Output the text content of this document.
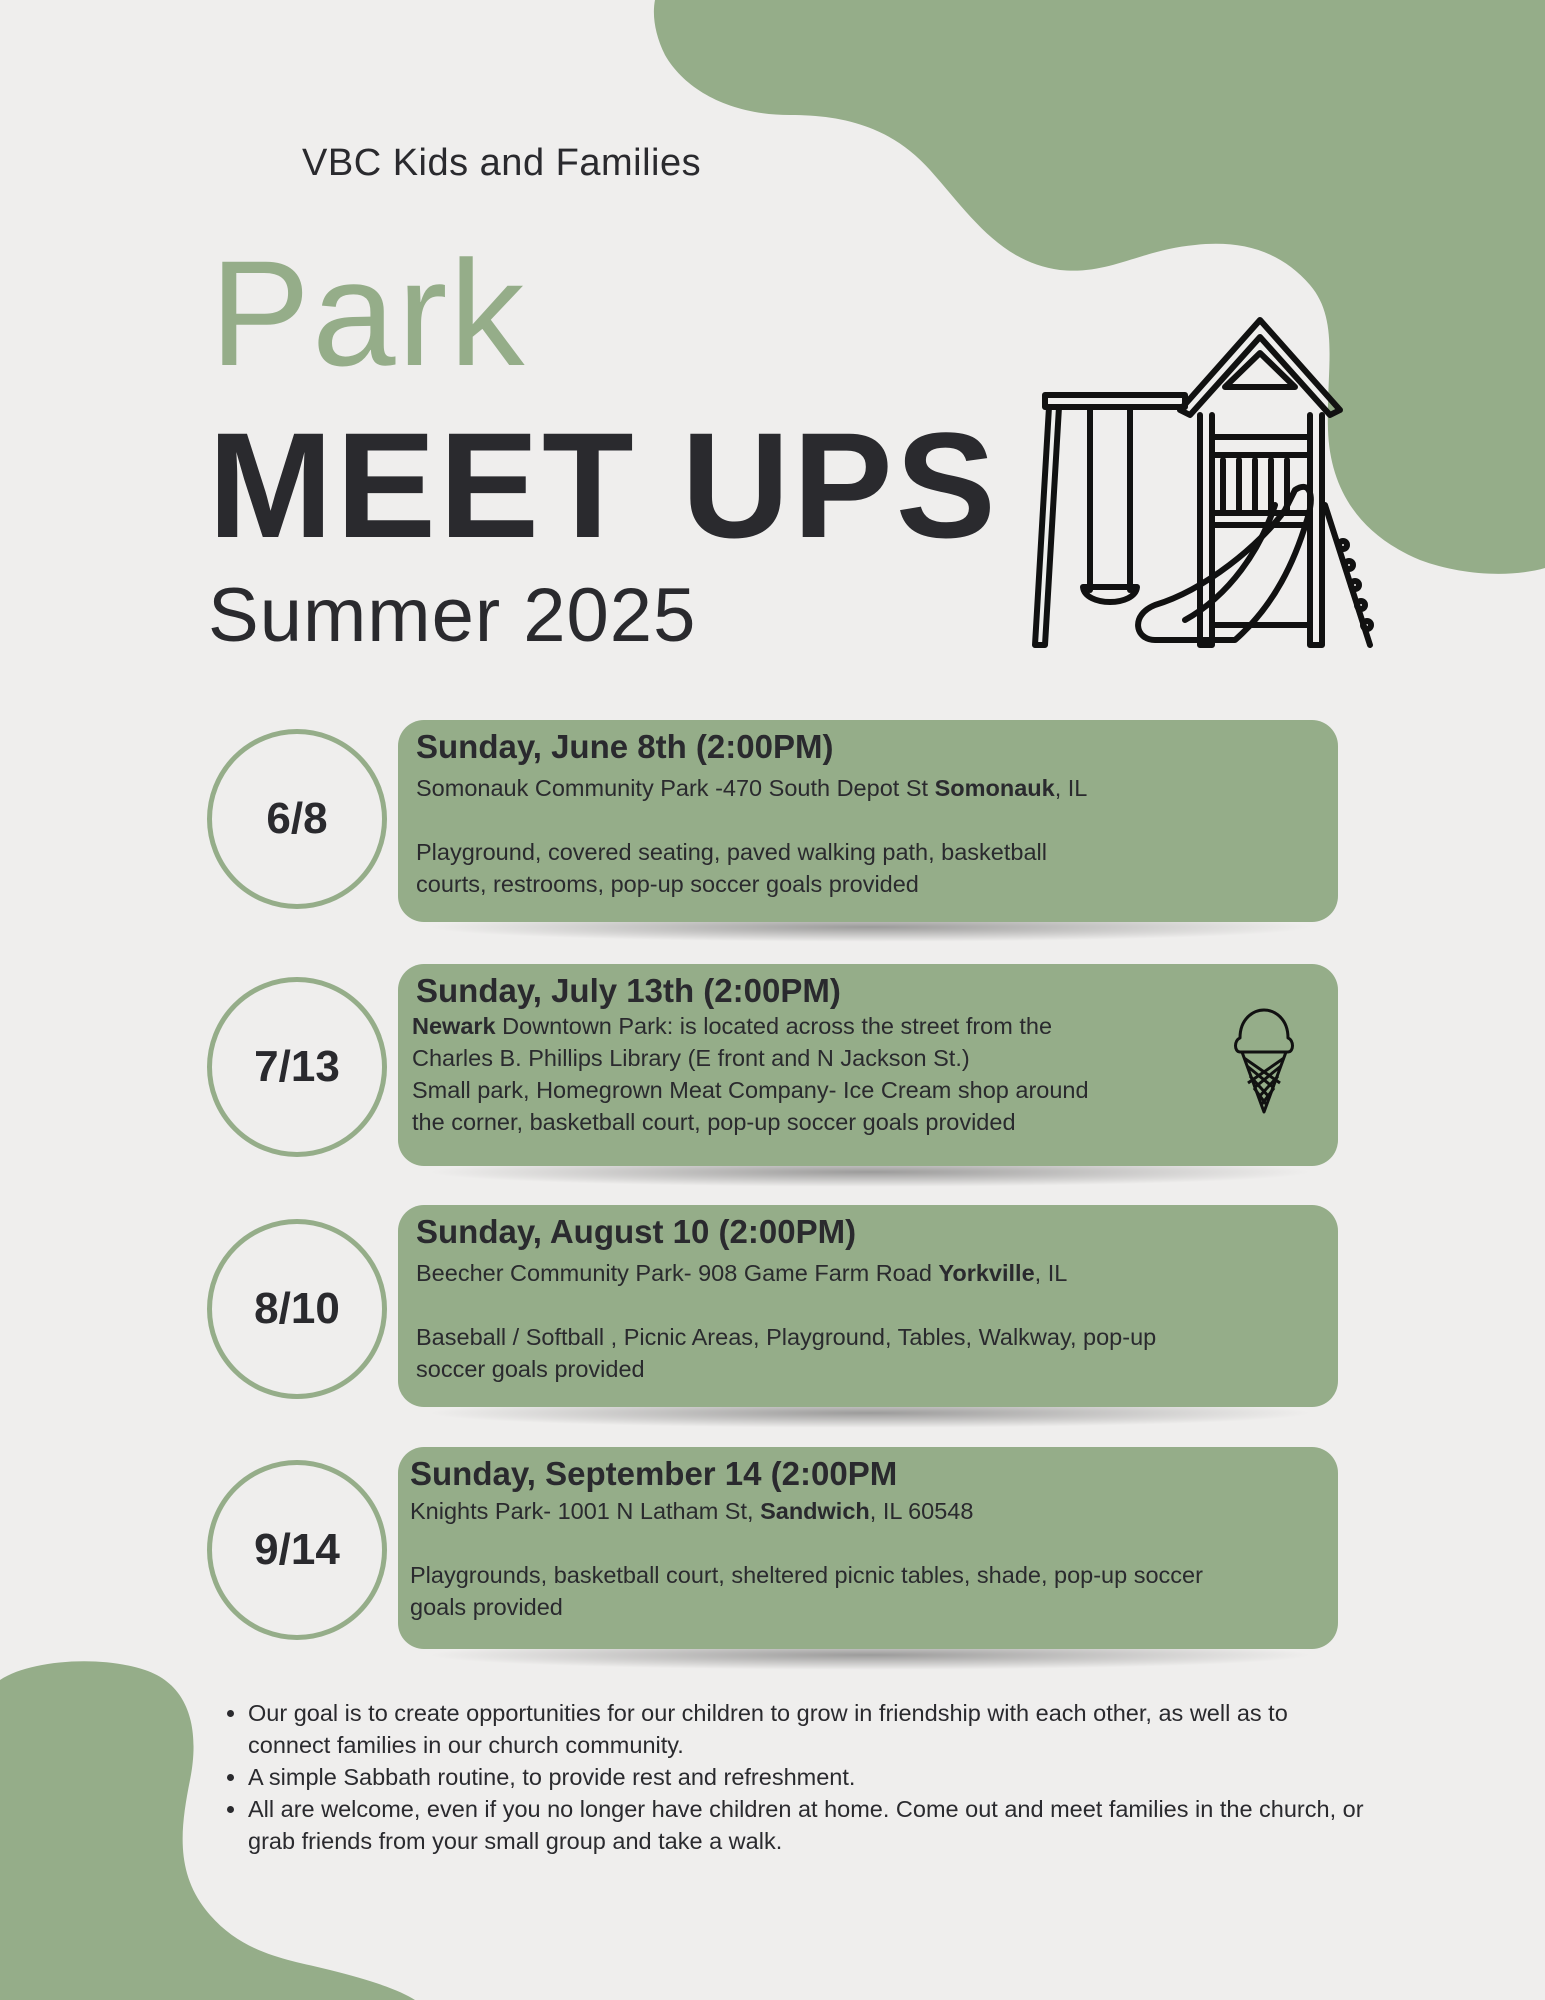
VBC Kids and Families
Park
MEET UPS
Summer 2025
6/8
Sunday, June 8th (2:00PM)
Somonauk Community Park -470 South Depot St Somonauk, IL
Playground, covered seating, paved walking path, basketball
courts, restrooms, pop-up soccer goals provided
7/13
Sunday, July 13th (2:00PM)
Newark Downtown Park: is located across the street from the
Charles B. Phillips Library (E front and N Jackson St.)
Small park, Homegrown Meat Company- Ice Cream shop around
the corner, basketball court, pop-up soccer goals provided
8/10
Sunday, August 10 (2:00PM)
Beecher Community Park- 908 Game Farm Road Yorkville, IL
Baseball / Softball , Picnic Areas, Playground, Tables, Walkway, pop-up
soccer goals provided
9/14
Sunday, September 14 (2:00PM
Knights Park- 1001 N Latham St, Sandwich, IL 60548
Playgrounds, basketball court, sheltered picnic tables, shade, pop-up soccer
goals provided
• Our goal is to create opportunities for our children to grow in friendship with each other, as well as to connect families in our church community.
• A simple Sabbath routine, to provide rest and refreshment.
• All are welcome, even if you no longer have children at home. Come out and meet families in the church, or grab friends from your small group and take a walk.
